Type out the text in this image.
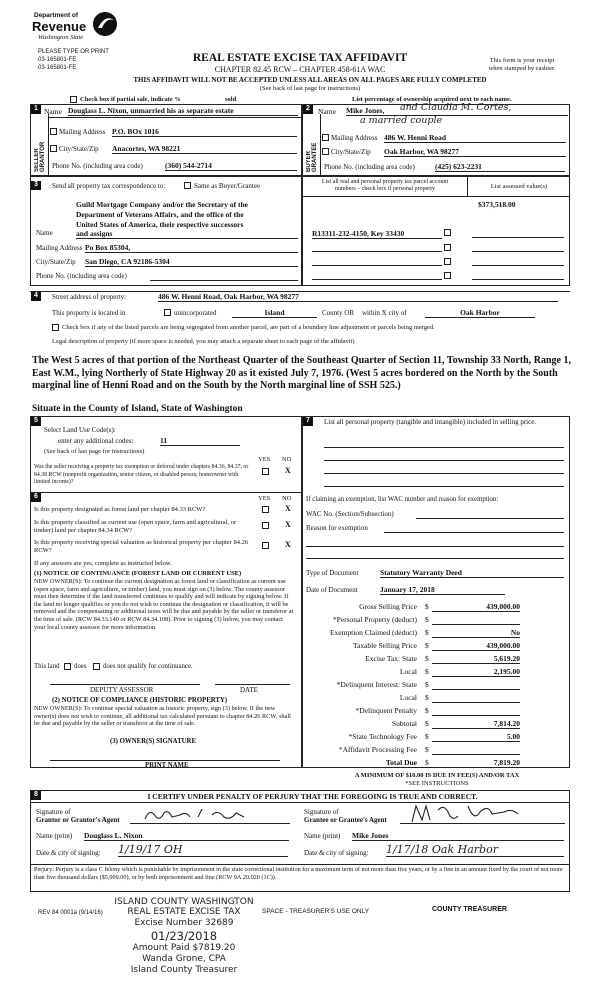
Department of
Revenue
Washington State
PLEASE TYPE OR PRINT
03-165801-FE
03-165801-FE
REAL ESTATE EXCISE TAX AFFIDAVIT
CHAPTER 82.45 RCW – CHAPTER 458-61A WAC
This form is your receipt
when stamped by cashier.
THIS AFFIDAVIT WILL NOT BE ACCEPTED UNLESS ALL AREAS ON ALL PAGES ARE FULLY COMPLETED
(See back of last page for instructions)
Check box if partial sale, indicate %	sold	List percentage of ownership acquired next to each name.
1
SELLER GRANTOR
Name Douglass L. Nixon, unmarried his as separate estate
Mailing Address P.O. BOx 1016
City/State/Zip Anacortes, WA 98221
Phone No. (including area code)	(360) 544-2714
2
BUYER GRANTEE
Name Mike Jones, and Claudia M. Cortes,
a married couple
Mailing Address 486 W. Henni Road
City/State/Zip Oak Harbor, WA 98277
Phone No. (including area code)	(425) 623-2231
3	Send all property tax correspondence to:	Same as Buyer/Grantee
Guild Mortgage Company and/or the Secretary of the
Department of Veterans Affairs, and the office of the
United States of America, their respective successors
Name	and assigns
Mailing Address Po Box 85304,
City/State/Zip San Diego, CA 92186-5304
Phone No. (including area code)
List all real and personal property tax parcel account
numbers – check box if personal property	List assessed value(s)
$373,518.00
R13311-232-4150, Key 33430
4	Street address of property:	486 W. Henni Road, Oak Harbor, WA 98277
This property is located in	unincorporated	Island	County OR within X city of	Oak Harbor
Check box if any of the listed parcels are being segregated from another parcel, are part of a boundary line adjustment or parcels being merged.
Legal description of property (if more space is needed, you may attach a separate sheet to each page of the affidavit)
The West 5 acres of that portion of the Northeast Quarter of the Southeast Quarter of Section 11, Township 33 North, Range 1, East W.M., lying Northerly of State Highway 20 as it existed July 7, 1976. (West 5 acres bordered on the North by the South marginal line of Henni Road and on the South by the North marginal line of SSH 525.)
Situate in the County of Island, State of Washington
5
Select Land Use Code(s):
enter any additional codes:	11
(See back of last page for instructions)
YES NO
Was the seller receiving a property tax exemption or deferral under chapters 84.36, 84.37, or 84.38 RCW (nonprofit organization, senior citizen, or disabled person, homeowner with limited income)?
X
6	YES NO
Is this property designated as forest land per chapter 84.33 RCW?	X
Is this property classified as current use (open space, farm and agricultural, or timber) land per chapter 84.34 RCW?
X
Is this property receiving special valuation as historical property per chapter 84.26 RCW?
X
If any answers are yes, complete as instructed below.
(1) NOTICE OF CONTINUANCE (FOREST LAND OR CURRENT USE)
NEW OWNER(S): To continue the current designation as forest land or classification as current use (open space, farm and agriculture, or timber) land, you must sign on (3) below. The county assessor must then determine if the land transferred continues to qualify and will indicate by signing below. If the land no longer qualifies or you do not wish to continue the designation or classification, it will be removed and the compensating or additional taxes will be due and payable by the seller or transferor at the time of sale. (RCW 84.33.140 or RCW 84.34.108). Prior to signing (3) below, you may contact your local county assessor for more information.
This land does does not qualify for continuance.
DEPUTY ASSESSOR	DATE
(2) NOTICE OF COMPLIANCE (HISTORIC PROPERTY)
NEW OWNER(S): To continue special valuation as historic property, sign (3) below. If the new owner(s) does not wish to continue, all additional tax calculated pursuant to chapter 84.26 RCW, shall be due and payable by the seller or transferor at the time of sale.
(3) OWNER(S) SIGNATURE
PRINT NAME
7	List all personal property (tangible and intangible) included in selling price.
If claiming an exemption, list WAC number and reason for exemption:
WAC No. (Section/Subsection)
Reason for exemption
Type of Document	Statutory Warranty Deed
Date of Document	January 17, 2018
Gross Selling Price $	439,000.00
*Personal Property (deduct) $
Exemption Claimed (deduct) $	No
Taxable Selling Price $	439,000.00
Excise Tax: State $	5,619.20
Local $	2,195.00
*Delinquent Interest: State $
Local $
*Delinquent Penalty $
Subtotal $	7,814.20
*State Technology Fee $	5.00
*Affidavit Processing Fee $
Total Due $	7,819.20
A MINIMUM OF $10.00 IS DUE IN FEE(S) AND/OR TAX
*SEE INSTRUCTIONS
8	I CERTIFY UNDER PENALTY OF PERJURY THAT THE FOREGOING IS TRUE AND CORRECT.
Signature of
Grantor or Grantor's Agent
Signature of
Grantee or Grantee's Agent
Name (print) Douglass L. Nixon	Name (print) Mike Jones
Date & city of signing: 1/19/17 OH	Date & city of signing: 1/17/18 Oak Harbor
Perjury: Perjury is a class C felony which is punishable by imprisonment in the state correctional institution for a maximum term of not more than five years, or by a fine in an amount fixed by the court of not more than five thousand dollars ($5,000.00), or by both imprisonment and fine (RCW 9A.20.020 (1C)).
REV 84 0001a (9/14/16)	SPACE - TREASURER'S USE ONLY	COUNTY TREASURER
ISLAND COUNTY WASHINGTON
REAL ESTATE EXCISE TAX
Excise Number 32689
01/23/2018
Amount Paid $7819.20
Wanda Grone, CPA
Island County Treasurer
